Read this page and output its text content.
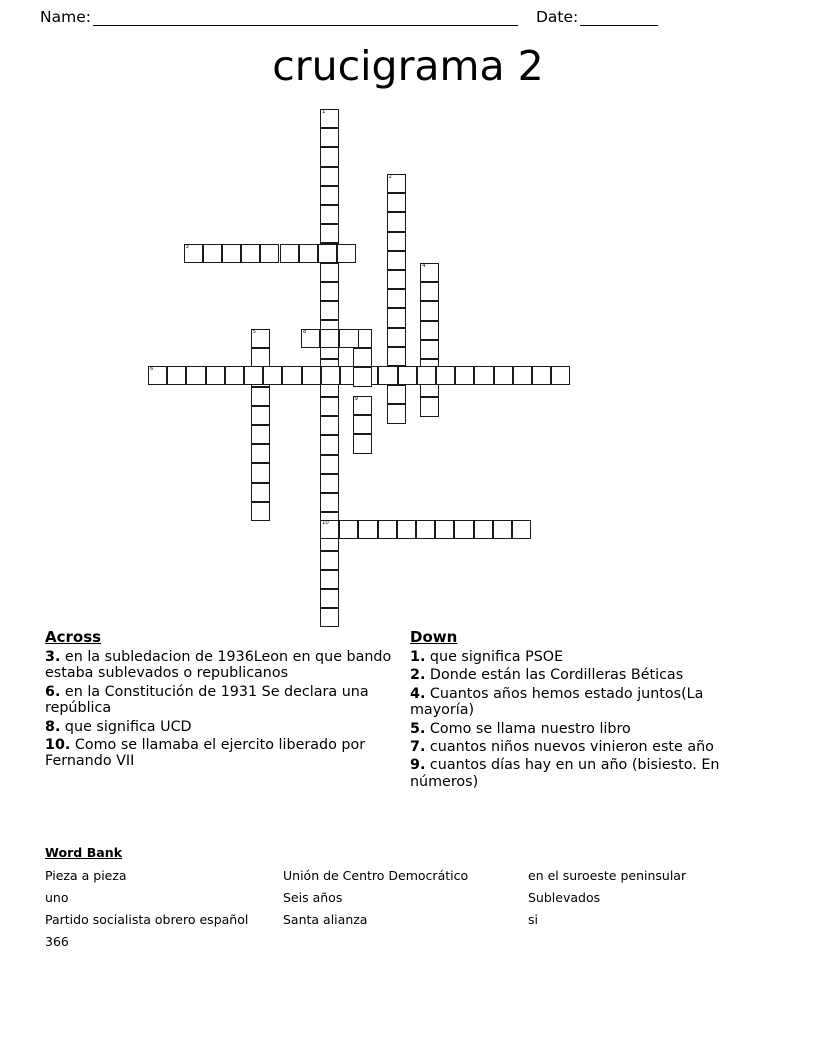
Name:	Date:
crucigrama 2
1
2
3
4
5
6
8
9
10
Across
3. en la subledacion de 1936Leon en que bando estaba sublevados o republicanos
6. en la Constitución de 1931 Se declara una república
8. que significa UCD
10. Como se llamaba el ejercito liberado por Fernando VII
Down
1. que significa PSOE
2. Donde están las Cordilleras Béticas
4. Cuantos años hemos estado juntos(La mayoría)
5. Como se llama nuestro libro
7. cuantos niños nuevos vinieron este año
9. cuantos días hay en un año (bisiesto. En números)
Word Bank
Pieza a pieza	Unión de Centro Democrático	en el suroeste peninsular
uno	Seis años	Sublevados
Partido socialista obrero español	Santa alianza	si
366
